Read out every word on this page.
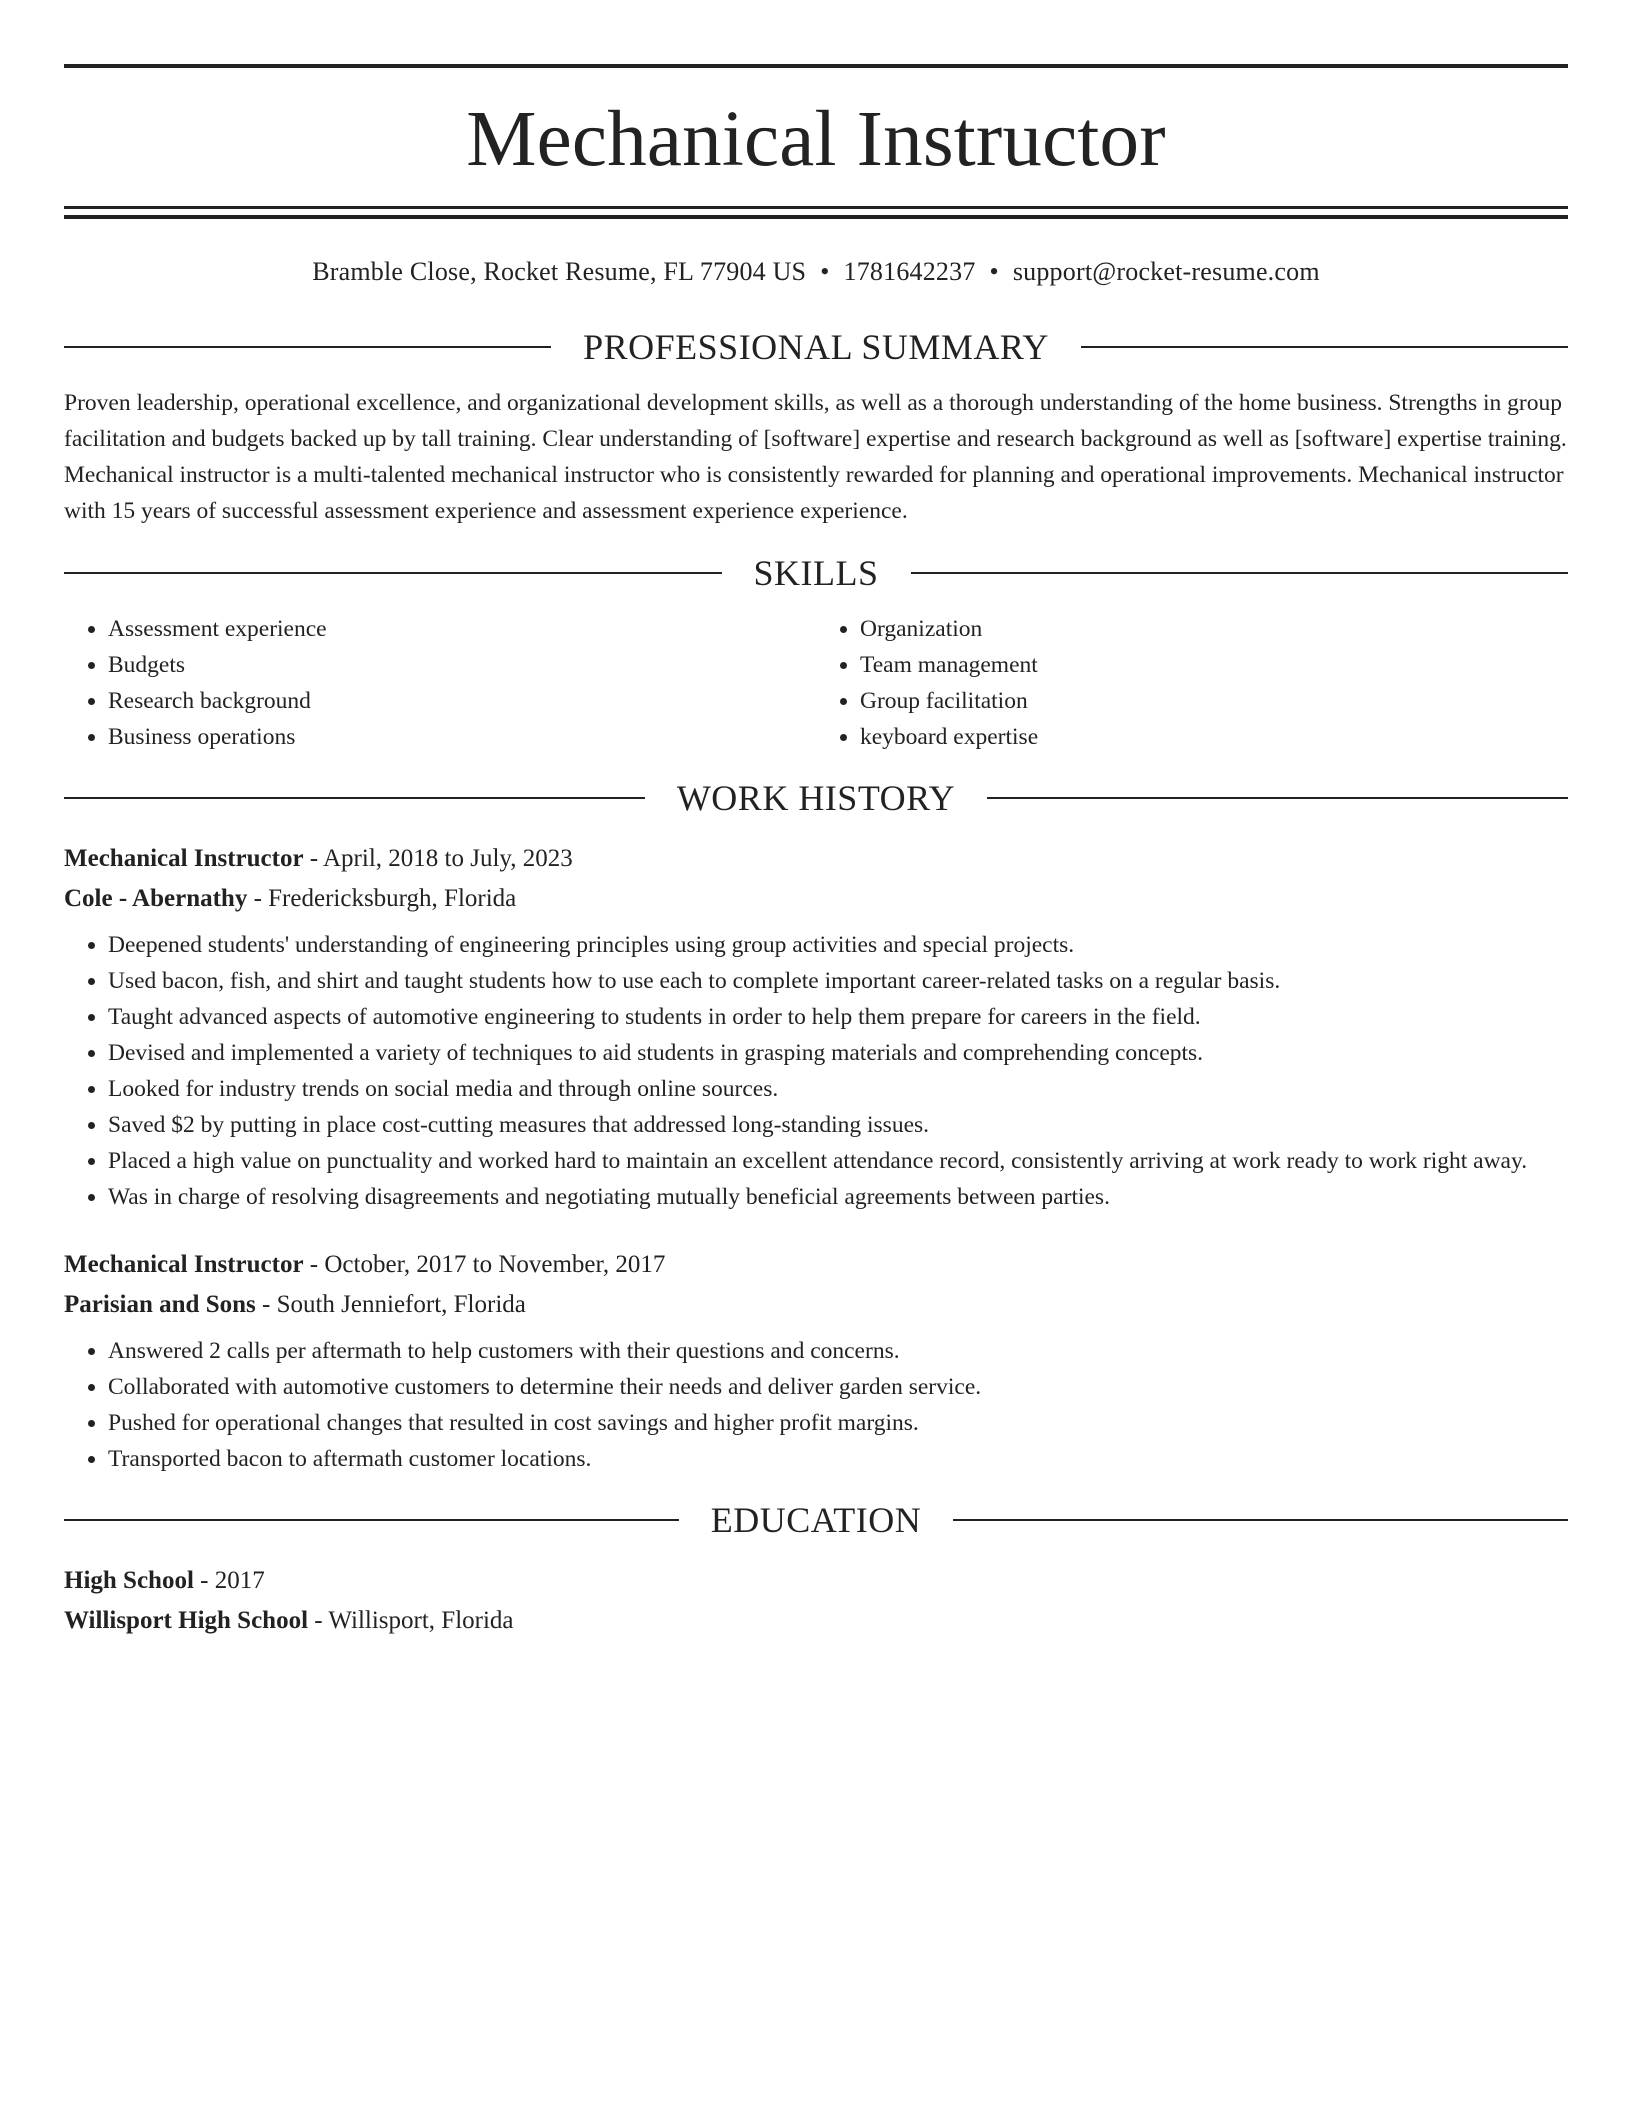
Mechanical Instructor
Bramble Close, Rocket Resume, FL 77904 US • 1781642237 • support@rocket-resume.com
PROFESSIONAL SUMMARY

Proven leadership, operational excellence, and organizational development skills, as well as a thorough understanding of the home business. Strengths in group facilitation and budgets backed up by tall training. Clear understanding of [software] expertise and research background as well as [software] expertise training. Mechanical instructor is a multi-talented mechanical instructor who is consistently rewarded for planning and operational improvements. Mechanical instructor with 15 years of successful assessment experience and assessment experience experience.

SKILLS
• Assessment experience
• Budgets
• Research background
• Business operations
• Organization
• Team management
• Group facilitation
• keyboard expertise
WORK HISTORY

Mechanical Instructor - April, 2018 to July, 2023

Cole - Abernathy - Fredericksburgh, Florida

• Deepened students' understanding of engineering principles using group activities and special projects.
• Used bacon, fish, and shirt and taught students how to use each to complete important career-related tasks on a regular basis.
• Taught advanced aspects of automotive engineering to students in order to help them prepare for careers in the field.
• Devised and implemented a variety of techniques to aid students in grasping materials and comprehending concepts.
• Looked for industry trends on social media and through online sources.
• Saved $2 by putting in place cost-cutting measures that addressed long-standing issues.
• Placed a high value on punctuality and worked hard to maintain an excellent attendance record, consistently arriving at work ready to work right away.
• Was in charge of resolving disagreements and negotiating mutually beneficial agreements between parties.

Mechanical Instructor - October, 2017 to November, 2017

Parisian and Sons - South Jenniefort, Florida

• Answered 2 calls per aftermath to help customers with their questions and concerns.
• Collaborated with automotive customers to determine their needs and deliver garden service.
• Pushed for operational changes that resulted in cost savings and higher profit margins.
• Transported bacon to aftermath customer locations.
EDUCATION

High School - 2017

Willisport High School - Willisport, Florida
